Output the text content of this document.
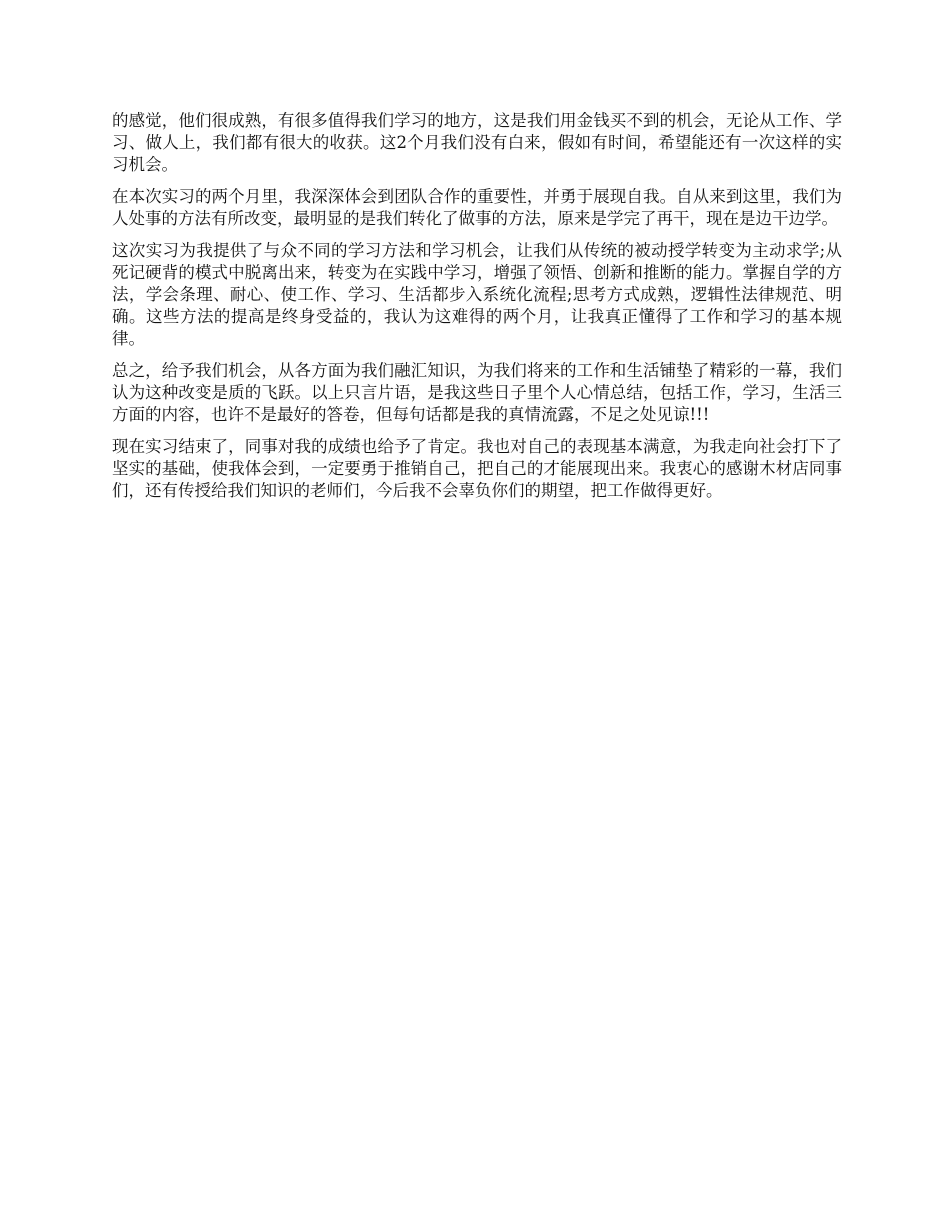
的感觉，他们很成熟，有很多值得我们学习的地方，这是我们用金钱买不到的机会，无论从工作、学习、做人上，我们都有很大的收获。这2个月我们没有白来，假如有时间，希望能还有一次这样的实习机会。

在本次实习的两个月里，我深深体会到团队合作的重要性，并勇于展现自我。自从来到这里，我们为人处事的方法有所改变，最明显的是我们转化了做事的方法，原来是学完了再干，现在是边干边学。

这次实习为我提供了与众不同的学习方法和学习机会，让我们从传统的被动授学转变为主动求学;从死记硬背的模式中脱离出来，转变为在实践中学习，增强了领悟、创新和推断的能力。掌握自学的方法，学会条理、耐心、使工作、学习、生活都步入系统化流程;思考方式成熟，逻辑性法律规范、明确。这些方法的提高是终身受益的，我认为这难得的两个月，让我真正懂得了工作和学习的基本规律。

总之，给予我们机会，从各方面为我们融汇知识，为我们将来的工作和生活铺垫了精彩的一幕，我们认为这种改变是质的飞跃。以上只言片语，是我这些日子里个人心情总结，包括工作，学习，生活三方面的内容，也许不是最好的答卷，但每句话都是我的真情流露，不足之处见谅!!!

现在实习结束了，同事对我的成绩也给予了肯定。我也对自己的表现基本满意，为我走向社会打下了坚实的基础，使我体会到，一定要勇于推销自己，把自己的才能展现出来。我衷心的感谢木材店同事们，还有传授给我们知识的老师们，今后我不会辜负你们的期望，把工作做得更好。
